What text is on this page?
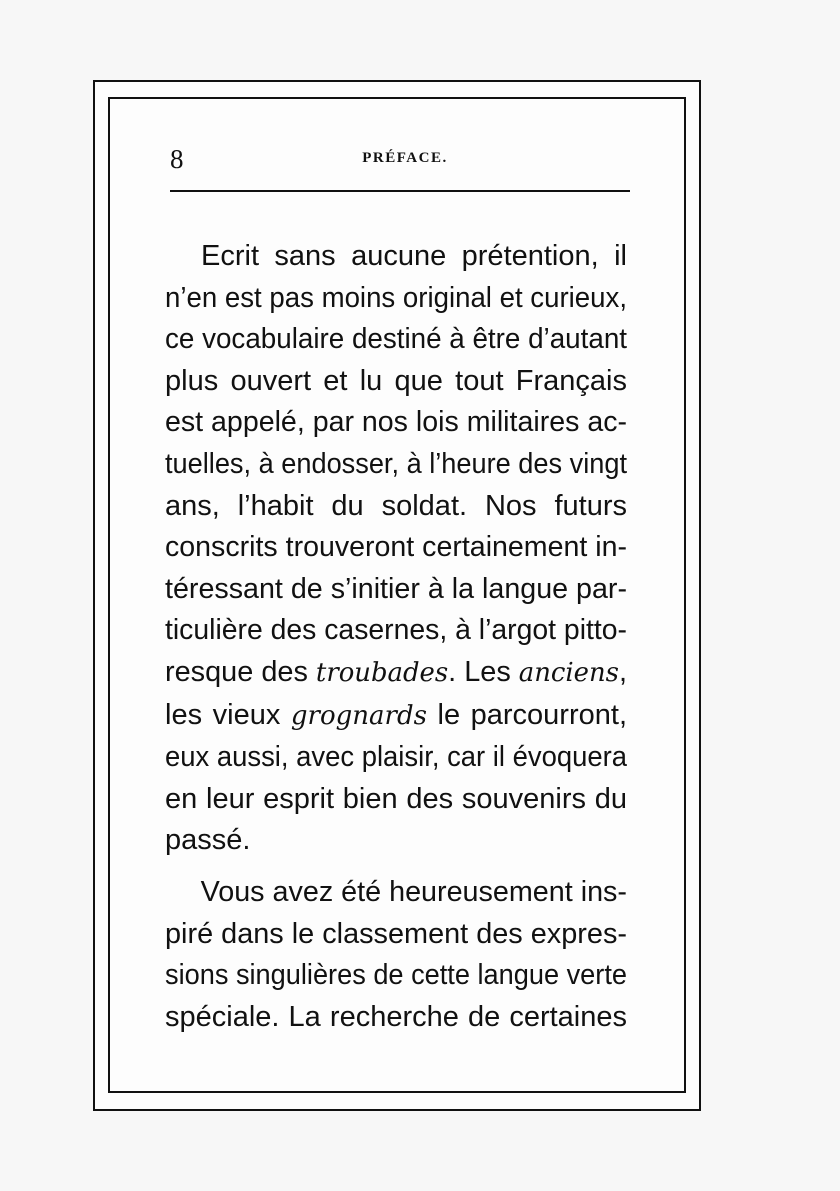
8	PRÉFACE.
Ecrit sans aucune prétention, il
n’en est pas moins original et curieux,
ce vocabulaire destiné à être d’autant
plus ouvert et lu que tout Français
est appelé, par nos lois militaires ac-
tuelles, à endosser, à l’heure des vingt
ans, l’habit du soldat. Nos futurs
conscrits trouveront certainement in-
téressant de s’initier à la langue par-
ticulière des casernes, à l’argot pitto-
resque des troubades. Les anciens,
les vieux grognards le parcourront,
eux aussi, avec plaisir, car il évoquera
en leur esprit bien des souvenirs du
passé.
Vous avez été heureusement ins-
piré dans le classement des expres-
sions singulières de cette langue verte
spéciale. La recherche de certaines
